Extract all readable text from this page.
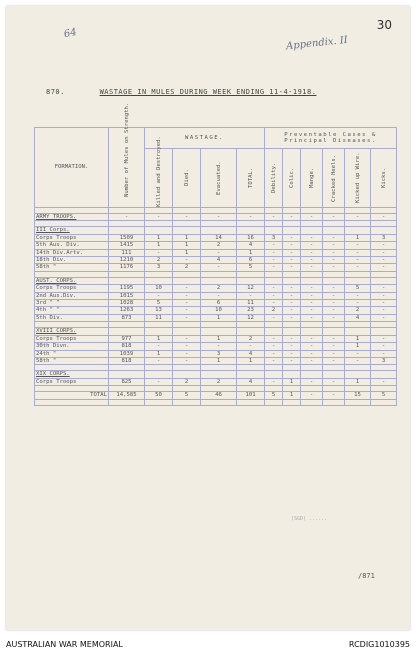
64
30
Appendix. II
870.	WASTAGE IN MULES DURING WEEK ENDING 11-4-1918.
FORMATION.	Number of Mules on Strength.	WASTAGE.				Preventable Cases & Principal Diseases.					

		Killed and Destroyed.	Died.	Evacuated.	TOTAL.	Debility.	Colic.	Mange.	Cracked Heels.	Kicked up Wire.	Kicks.

ARMY TROOPS.	-	-	-	-	-	-	-	-	-	-	-

III Corps.											
Corps Troops	1509	1	1	14	16	3	-	-	-	1	3
5th Aus. Div.	1415	1	1	2	4	-	-	-	-	-	-
14th Div.Artv.	111	-	1	-	1	-	-	-	-	-	-
18th Div.	1210	2	-	4	6	-	-	-	-	-	-
58th "	1176	3	2	-	5	-	-	-	-	-	-

AUST. CORPS.											
Corps Troops	1195	10	-	2	12	-	-	-	-	5	-
2nd Aus.Div.	1015	-	-	-	-	-	-	-	-	-	-
3rd " "	1028	5	-	6	11	-	-	-	-	-	-
4th " "	1263	13	-	10	23	2	-	-	-	2	-
5th Div.	873	11	-	1	12	-	-	-	-	4	-

XVIII CORPS.											
Corps Troops	977	1	-	1	2	-	-	-	-	1	-
30th Divn.	818	-	-	-	-	-	-	-	-	1	-
24th "	1039	1	-	3	4	-	-	-	-	-	-
58th "	818	-	-	1	1	-	-	-	-	-	3

XIX CORPS.											
Corps Troops	825	-	2	2	4	-	1	-	-	1	-

TOTAL	14,585	50	5	46	101	5	1	-	-	15	5

(SGD) ......
/871
AUSTRALIAN WAR MEMORIAL	RCDIG1010395
